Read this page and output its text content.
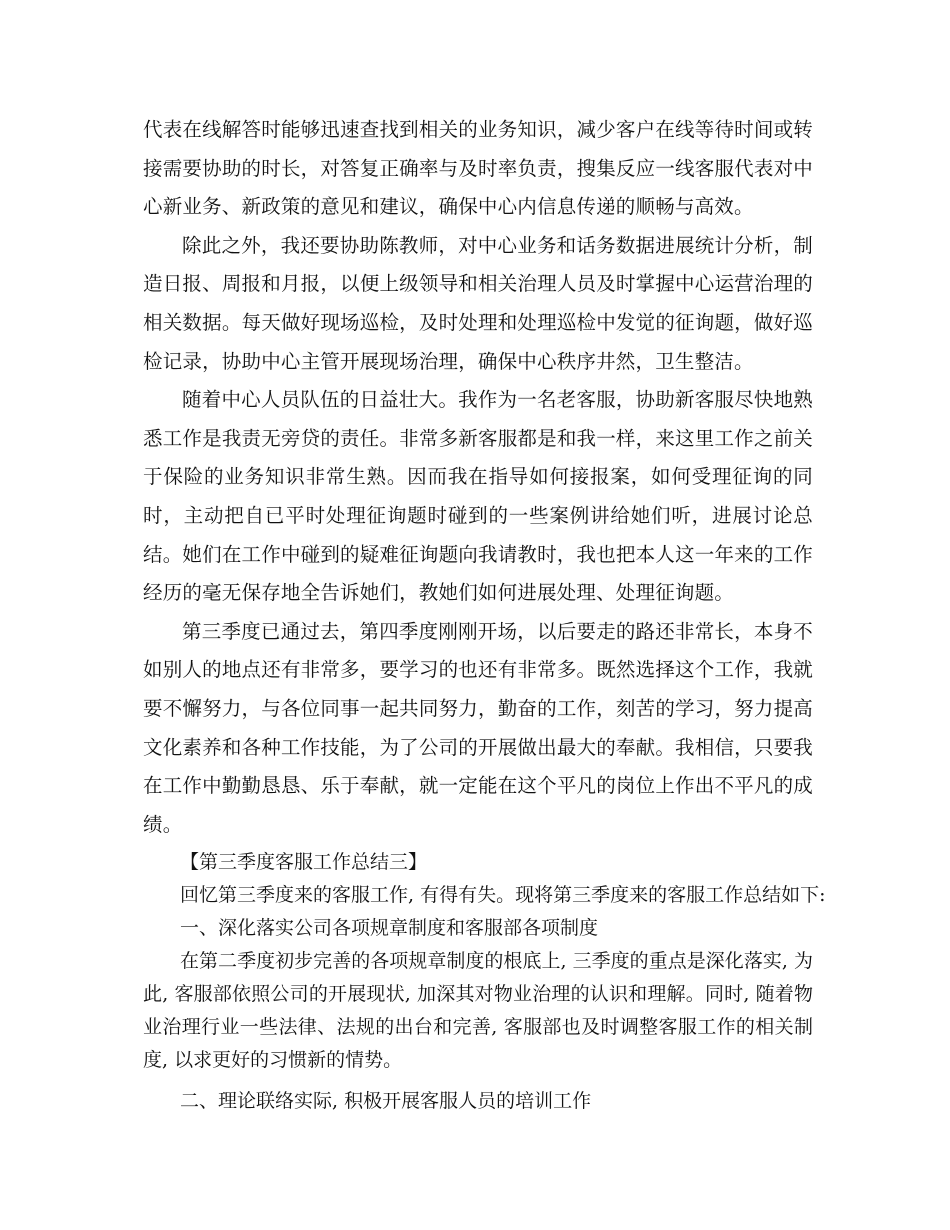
代表在线解答时能够迅速查找到相关的业务知识，减少客户在线等待时间或转接需要协助的时长，对答复正确率与及时率负责，搜集反应一线客服代表对中心新业务、新政策的意见和建议，确保中心内信息传递的顺畅与高效。

除此之外，我还要协助陈教师，对中心业务和话务数据进展统计分析，制造日报、周报和月报，以便上级领导和相关治理人员及时掌握中心运营治理的相关数据。每天做好现场巡检，及时处理和处理巡检中发觉的征询题，做好巡检记录，协助中心主管开展现场治理，确保中心秩序井然，卫生整洁。

随着中心人员队伍的日益壮大。我作为一名老客服，协助新客服尽快地熟悉工作是我责无旁贷的责任。非常多新客服都是和我一样，来这里工作之前关于保险的业务知识非常生熟。因而我在指导如何接报案，如何受理征询的同时，主动把自已平时处理征询题时碰到的一些案例讲给她们听，进展讨论总结。她们在工作中碰到的疑难征询题向我请教时，我也把本人这一年来的工作经历的毫无保存地全告诉她们，教她们如何进展处理、处理征询题。

第三季度已通过去，第四季度刚刚开场，以后要走的路还非常长，本身不如别人的地点还有非常多，要学习的也还有非常多。既然选择这个工作，我就要不懈努力，与各位同事一起共同努力，勤奋的工作，刻苦的学习，努力提高文化素养和各种工作技能，为了公司的开展做出最大的奉献。我相信，只要我在工作中勤勤恳恳、乐于奉献，就一定能在这个平凡的岗位上作出不平凡的成绩。

【第三季度客服工作总结三】

回忆第三季度来的客服工作, 有得有失。现将第三季度来的客服工作总结如下:

一、深化落实公司各项规章制度和客服部各项制度

在第二季度初步完善的各项规章制度的根底上, 三季度的重点是深化落实, 为此, 客服部依照公司的开展现状, 加深其对物业治理的认识和理解。同时, 随着物业治理行业一些法律、法规的出台和完善, 客服部也及时调整客服工作的相关制度, 以求更好的习惯新的情势。

二、理论联络实际, 积极开展客服人员的培训工作
